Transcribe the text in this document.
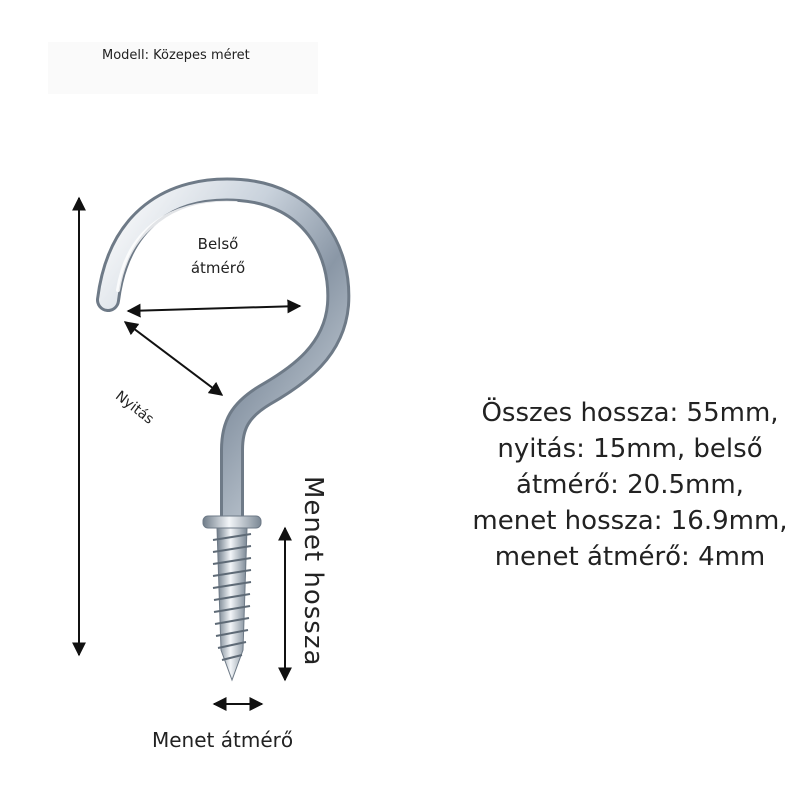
Modell: Közepes méret
Belső
átmérő
Nyitás
Menet hossza
Menet átmérő
Összes hossza: 55mm, nyitás: 15mm, belső átmérő: 20.5mm, menet hossza: 16.9mm, menet átmérő: 4mm
